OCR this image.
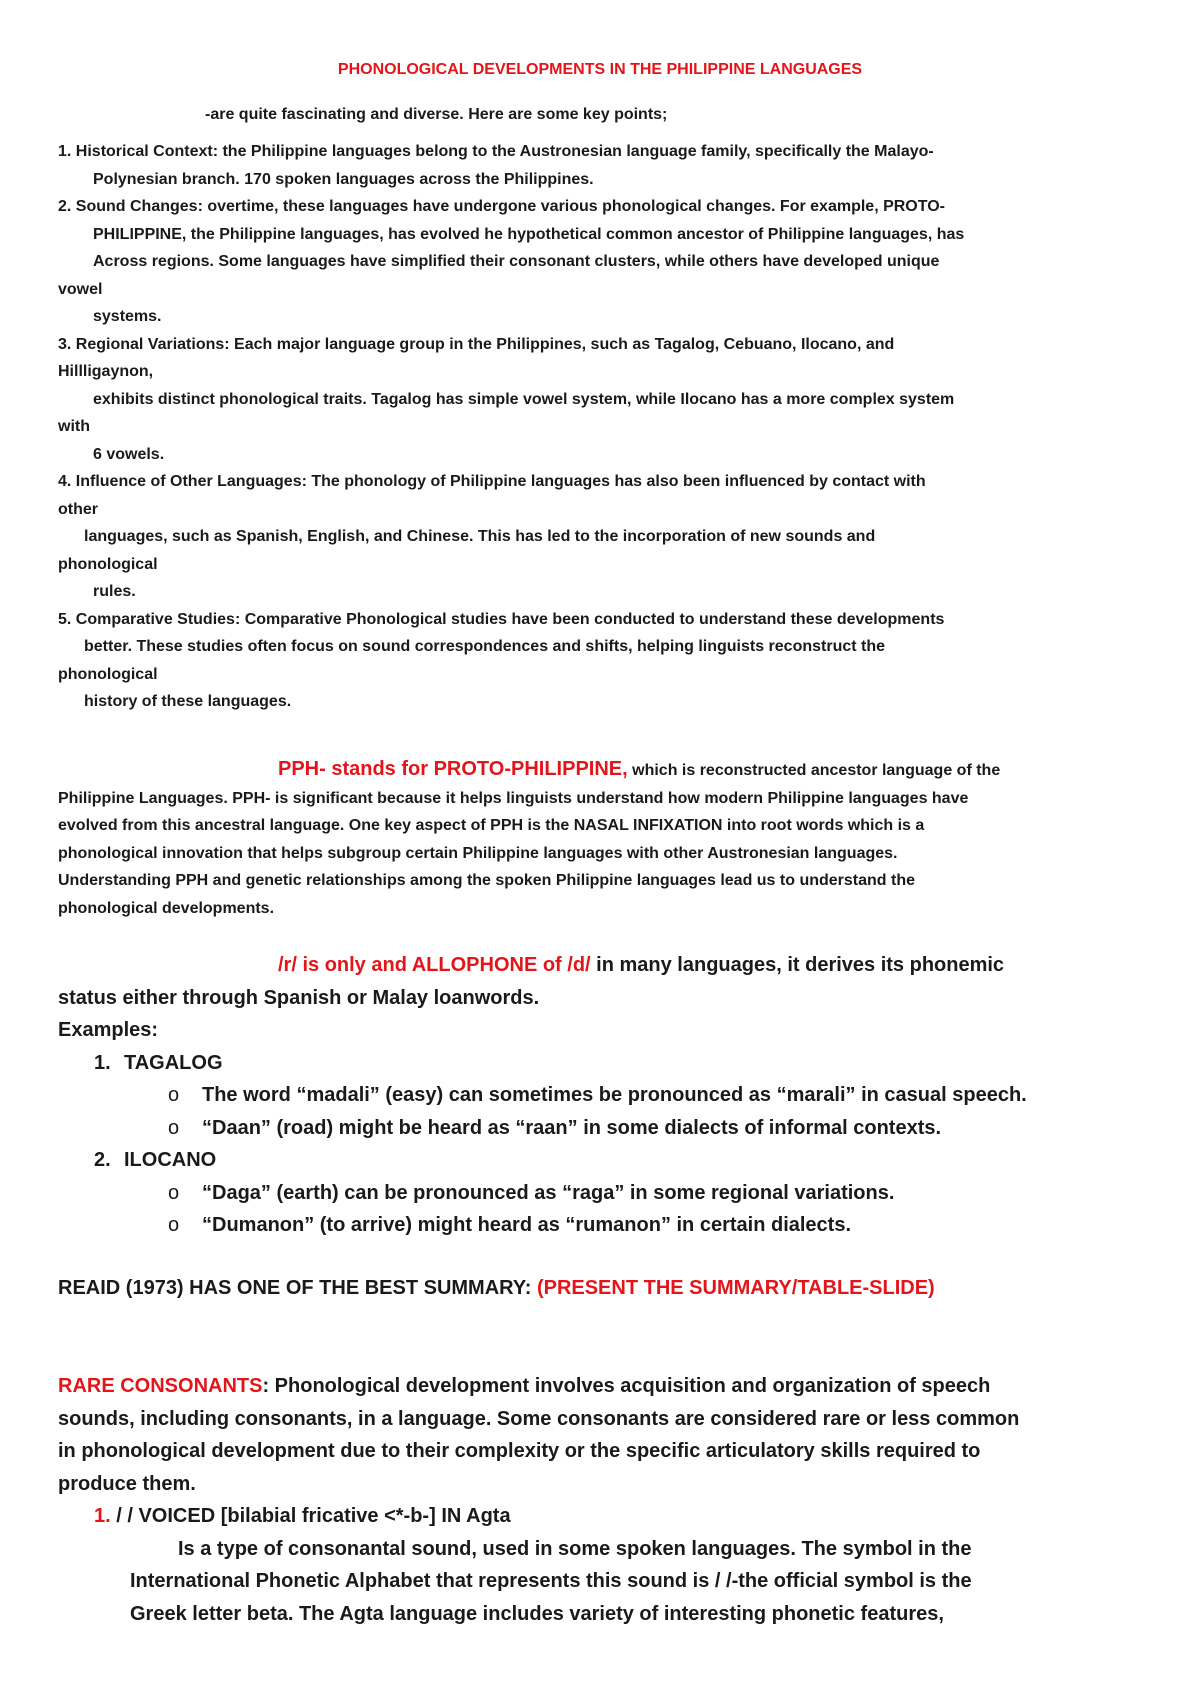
PHONOLOGICAL DEVELOPMENTS IN THE PHILIPPINE LANGUAGES
-are quite fascinating and diverse. Here are some key points;
1. Historical Context: the Philippine languages belong to the Austronesian language family, specifically the Malayo-
Polynesian branch. 170 spoken languages across the Philippines.
2. Sound Changes: overtime, these languages have undergone various phonological changes. For example, PROTO-
PHILIPPINE, the Philippine languages, has evolved he hypothetical common ancestor of Philippine languages, has
Across regions. Some languages have simplified their consonant clusters, while others have developed unique
vowel
systems.
3. Regional Variations: Each major language group in the Philippines, such as Tagalog, Cebuano, Ilocano, and
Hillligaynon,
exhibits distinct phonological traits. Tagalog has simple vowel system, while Ilocano has a more complex system
with
6 vowels.
4. Influence of Other Languages: The phonology of Philippine languages has also been influenced by contact with
other
languages, such as Spanish, English, and Chinese. This has led to the incorporation of new sounds and
phonological
rules.
5. Comparative Studies: Comparative Phonological studies have been conducted to understand these developments
better. These studies often focus on sound correspondences and shifts, helping linguists reconstruct the
phonological
history of these languages.
PPH- stands for PROTO-PHILIPPINE, which is reconstructed ancestor language of the
Philippine Languages. PPH- is significant because it helps linguists understand how modern Philippine languages have
evolved from this ancestral language. One key aspect of PPH is the NASAL INFIXATION into root words which is a
phonological innovation that helps subgroup certain Philippine languages with other Austronesian languages.
Understanding PPH and genetic relationships among the spoken Philippine languages lead us to understand the
phonological developments.
/r/ is only and ALLOPHONE of /d/ in many languages, it derives its phonemic
status either through Spanish or Malay loanwords.
Examples:
1. TAGALOG
o The word “madali” (easy) can sometimes be pronounced as “marali” in casual speech.
o “Daan” (road) might be heard as “raan” in some dialects of informal contexts.
2. ILOCANO
o “Daga” (earth) can be pronounced as “raga” in some regional variations.
o “Dumanon” (to arrive) might heard as “rumanon” in certain dialects.
REAID (1973) HAS ONE OF THE BEST SUMMARY: (PRESENT THE SUMMARY/TABLE-SLIDE)
RARE CONSONANTS: Phonological development involves acquisition and organization of speech
sounds, including consonants, in a language. Some consonants are considered rare or less common
in phonological development due to their complexity or the specific articulatory skills required to
produce them.
1. / / VOICED [bilabial fricative <*-b-] IN Agta
Is a type of consonantal sound, used in some spoken languages. The symbol in the
International Phonetic Alphabet that represents this sound is / /-the official symbol is the
Greek letter beta. The Agta language includes variety of interesting phonetic features,
